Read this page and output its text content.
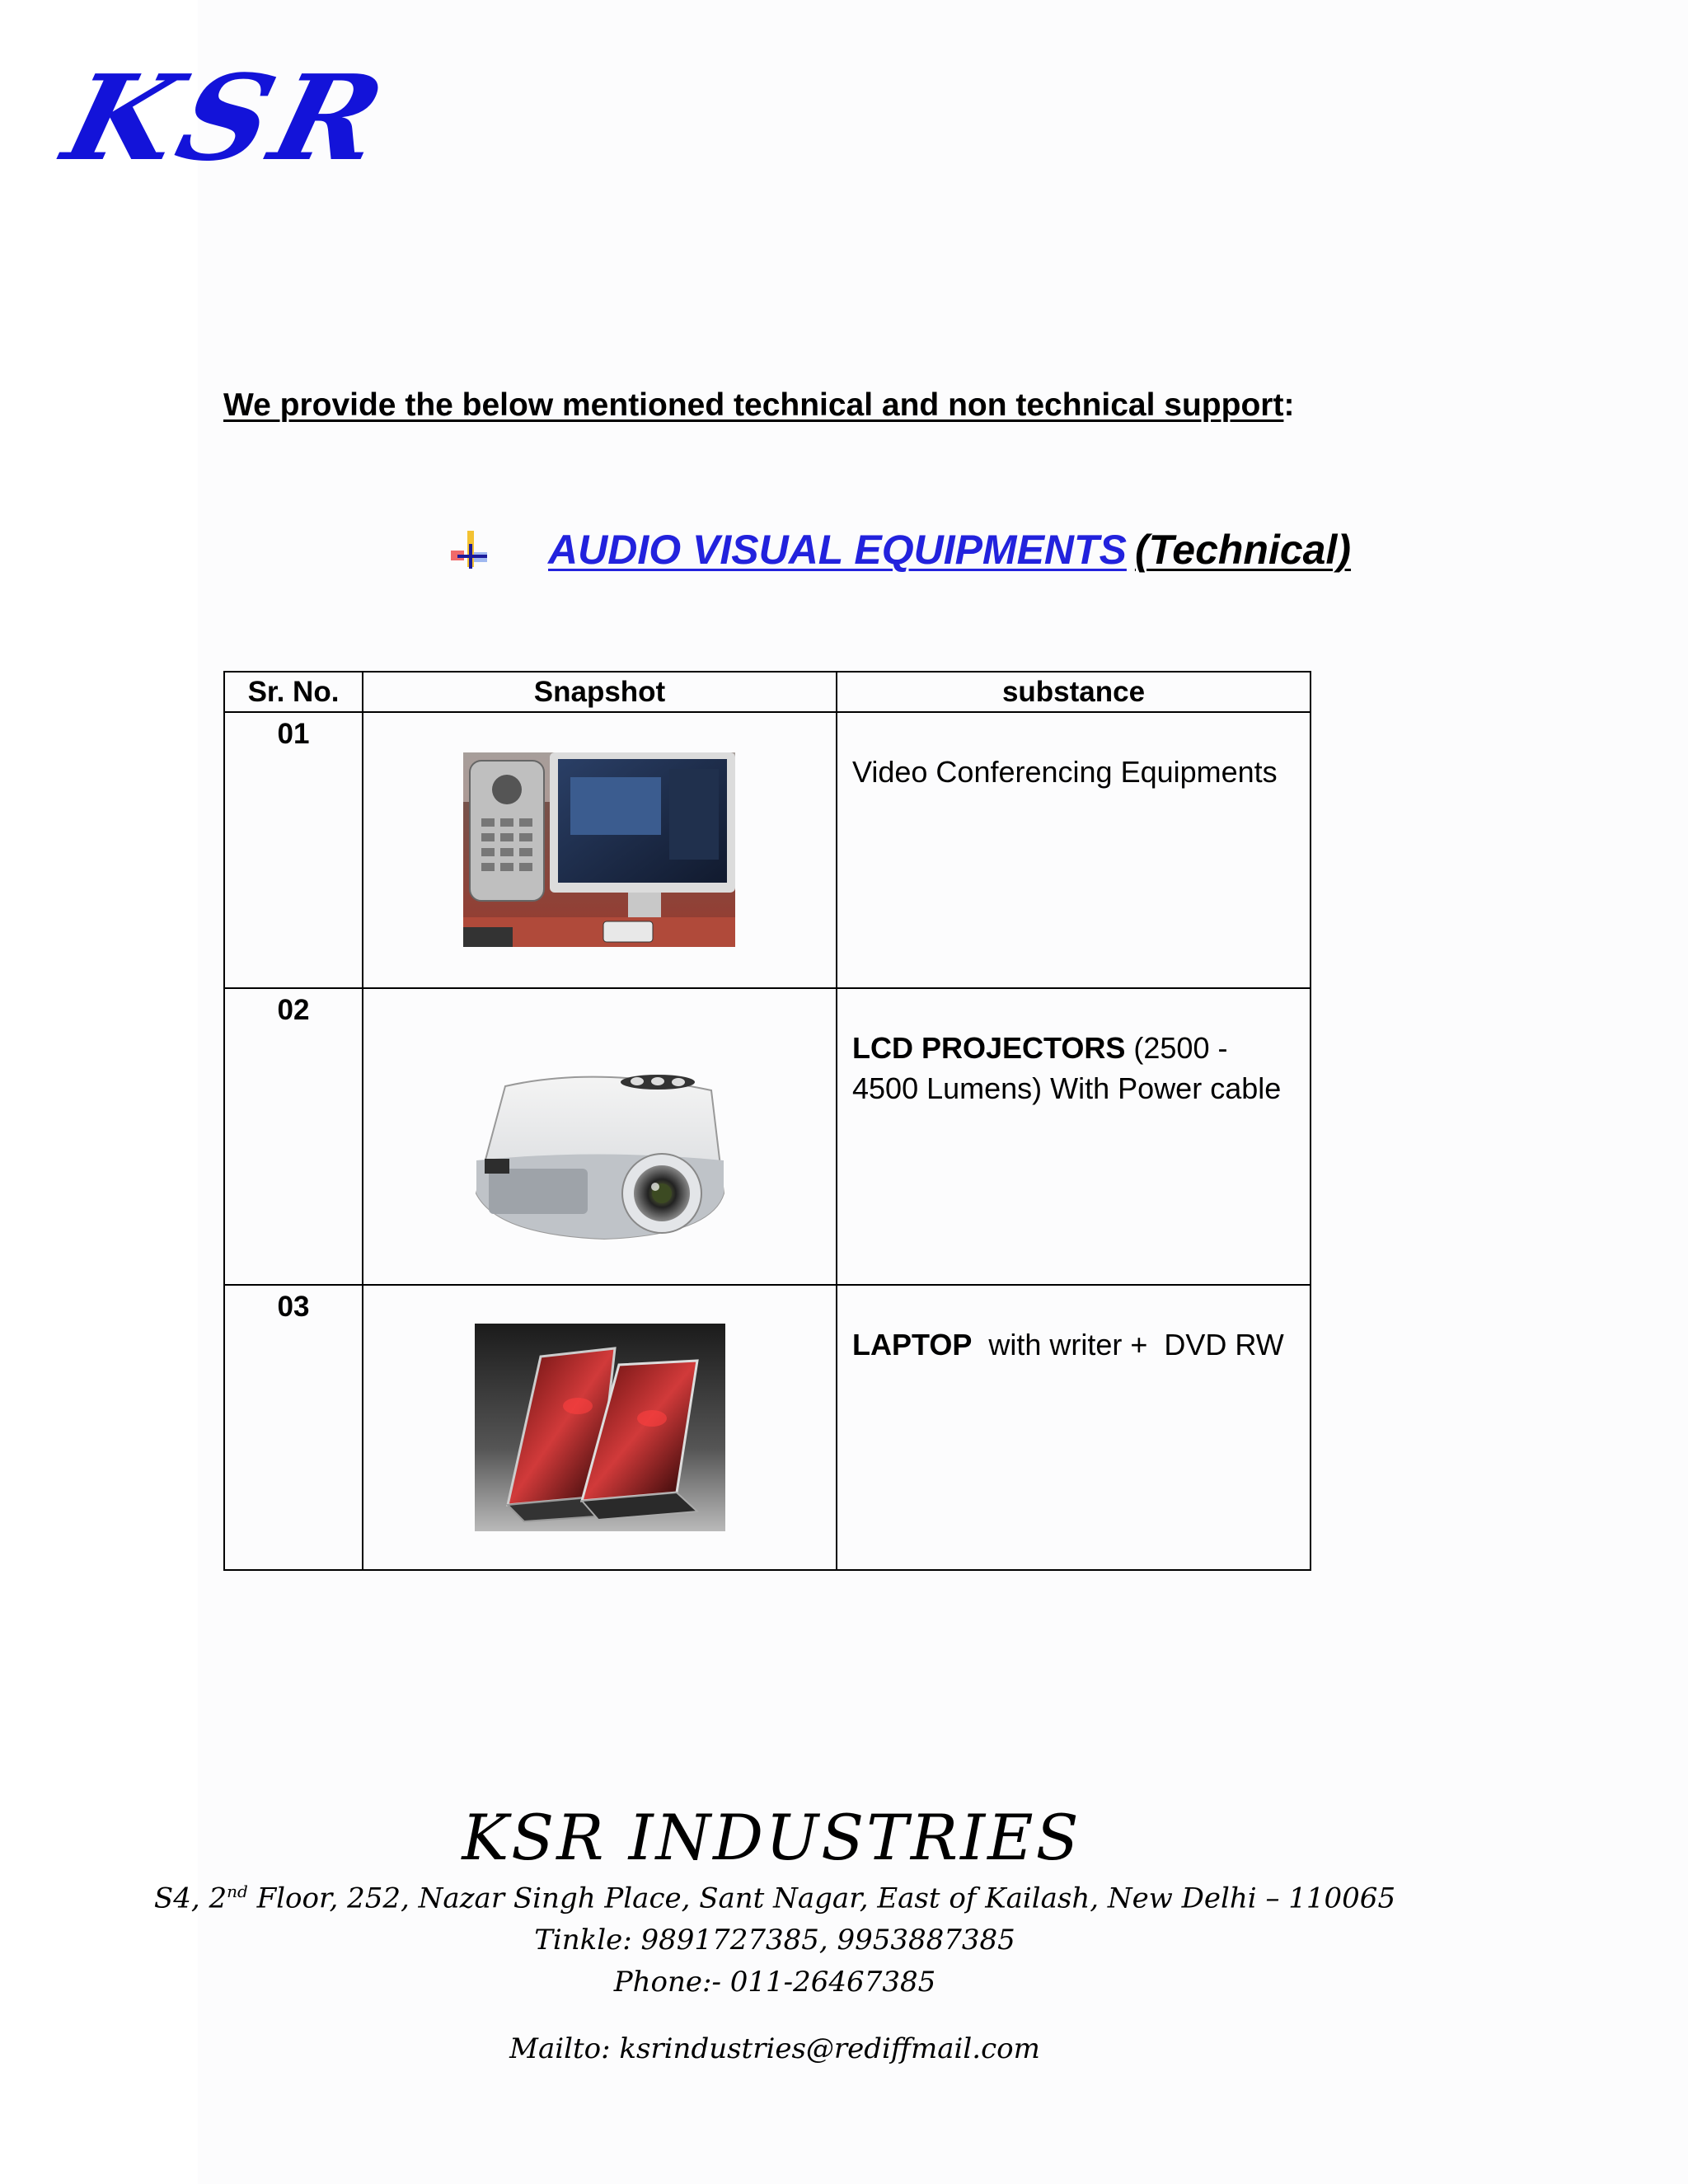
KSR
We provide the below mentioned technical and non technical support:
AUDIO VISUAL EQUIPMENTS (Technical)
Sr. No.	Snapshot	substance
01		Video Conferencing Equipments
02		LCD PROJECTORS (2500 - 4500 Lumens) With Power cable
03		LAPTOP  with writer +  DVD RW
KSR INDUSTRIES
S4, 2nd Floor, 252, Nazar Singh Place, Sant Nagar, East of Kailash, New Delhi – 110065
Tinkle: 9891727385, 9953887385
Phone:- 011-26467385
Mailto: ksrindustries@rediffmail.com
